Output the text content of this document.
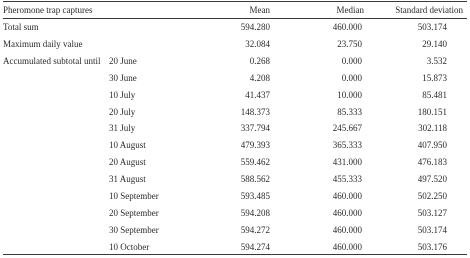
Pheromone trap captures	Mean	Median	Standard deviation
Total sum	594.280	460.000	503.174
Maximum daily value	32.084	23.750	29.140
Accumulated subtotal until 20 June	0.268	0.000	3.532
30 June	4.208	0.000	15.873
10 July	41.437	10.000	85.481
20 July	148.373	85.333	180.151
31 July	337.794	245.667	302.118
10 August	479.393	365.333	407.950
20 August	559.462	431.000	476.183
31 August	588.562	455.333	497.520
10 September	593.485	460.000	502.250
20 September	594.208	460.000	503.127
30 September	594.272	460.000	503.174
10 October	594.274	460.000	503.176
